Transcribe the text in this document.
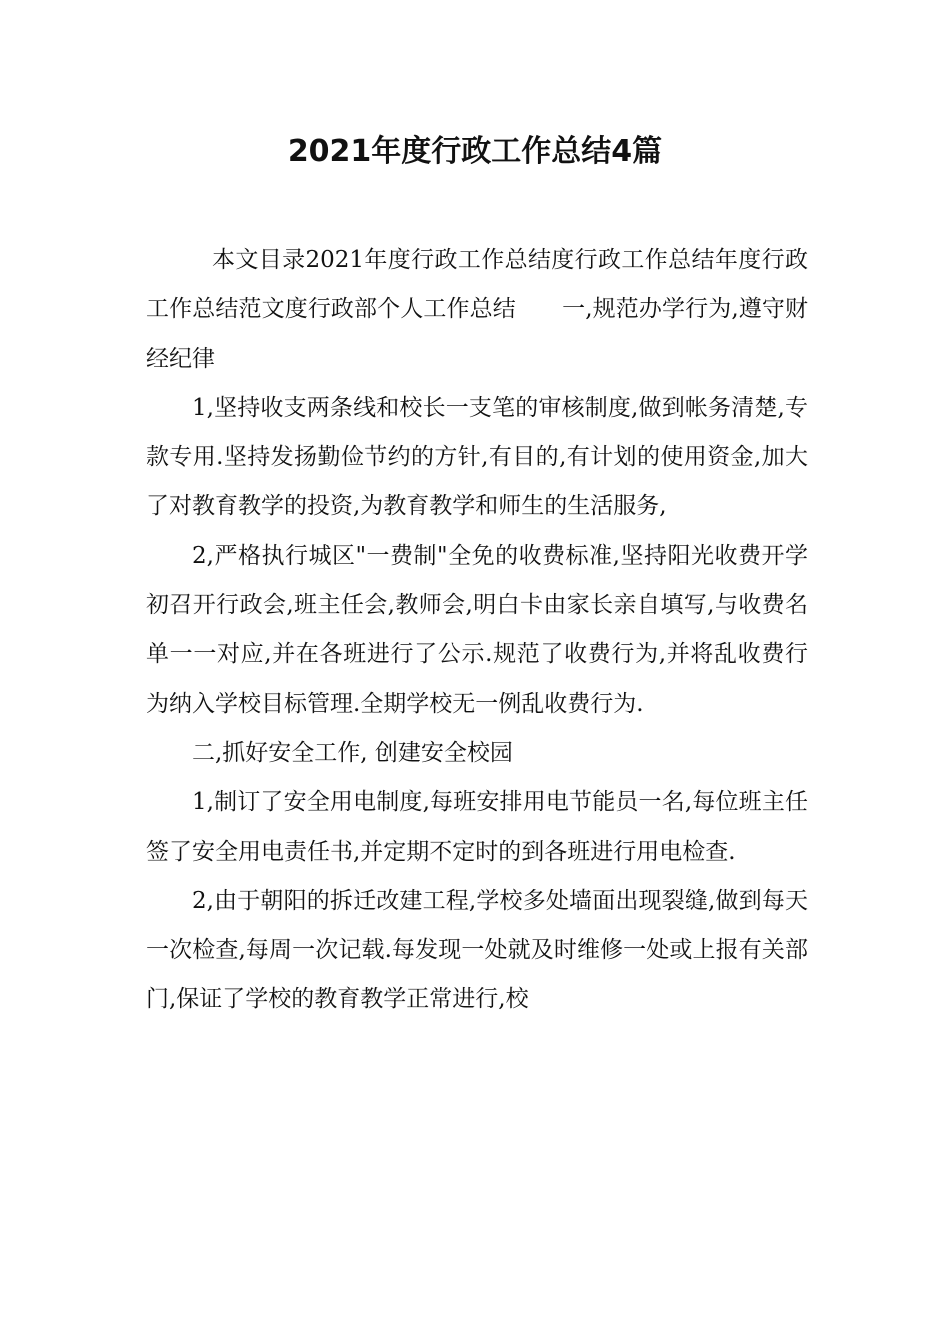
2021年度行政工作总结4篇

本文目录2021年度行政工作总结度行政工作总结年度行政工作总结范文度行政部个人工作总结　　一,规范办学行为,遵守财经纪律

1,坚持收支两条线和校长一支笔的审核制度,做到帐务清楚,专款专用.坚持发扬勤俭节约的方针,有目的,有计划的使用资金,加大了对教育教学的投资,为教育教学和师生的生活服务,

2,严格执行城区"一费制"全免的收费标准,坚持阳光收费开学初召开行政会,班主任会,教师会,明白卡由家长亲自填写,与收费名单一一对应,并在各班进行了公示.规范了收费行为,并将乱收费行为纳入学校目标管理.全期学校无一例乱收费行为.

二,抓好安全工作, 创建安全校园

1,制订了安全用电制度,每班安排用电节能员一名,每位班主任签了安全用电责任书,并定期不定时的到各班进行用电检查.

2,由于朝阳的拆迁改建工程,学校多处墙面出现裂缝,做到每天一次检查,每周一次记载.每发现一处就及时维修一处或上报有关部门,保证了学校的教育教学正常进行,校
